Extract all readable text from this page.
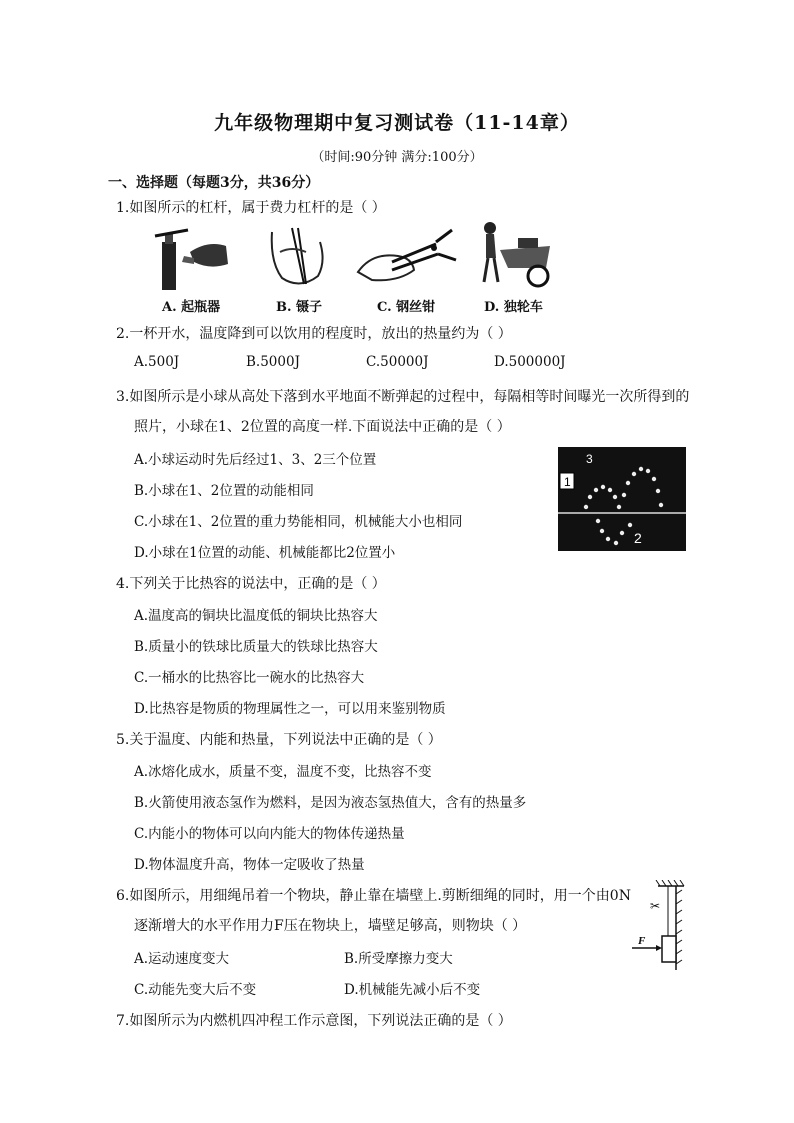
九年级物理期中复习测试卷（11-14章）
（时间:90分钟 满分:100分）
一、选择题（每题3分，共36分）
1.如图所示的杠杆，属于费力杠杆的是（ ）
A. 起瓶器	B. 镊子	C. 钢丝钳	D. 独轮车
2.一杯开水，温度降到可以饮用的程度时，放出的热量约为（ ）
A.500J	B.5000J	C.50000J	D.500000J
3.如图所示是小球从高处下落到水平地面不断弹起的过程中，每隔相等时间曝光一次所得到的
照片，小球在1、2位置的高度一样.下面说法中正确的是（ ）
A.小球运动时先后经过1、3、2三个位置
B.小球在1、2位置的动能相同
C.小球在1、2位置的重力势能相同，机械能大小也相同
D.小球在1位置的动能、机械能都比2位置小
1
2
3
4.下列关于比热容的说法中，正确的是（ ）
A.温度高的铜块比温度低的铜块比热容大
B.质量小的铁球比质量大的铁球比热容大
C.一桶水的比热容比一碗水的比热容大
D.比热容是物质的物理属性之一，可以用来鉴别物质
5.关于温度、内能和热量，下列说法中正确的是（ ）
A.冰熔化成水，质量不变，温度不变，比热容不变
B.火箭使用液态氢作为燃料，是因为液态氢热值大，含有的热量多
C.内能小的物体可以向内能大的物体传递热量
D.物体温度升高，物体一定吸收了热量
6.如图所示，用细绳吊着一个物块，静止靠在墙壁上.剪断细绳的同时，用一个由0N
逐渐增大的水平作用力F压在物块上，墙壁足够高，则物块（ ）
A.运动速度变大	B.所受摩擦力变大
C.动能先变大后不变	D.机械能先减小后不变
✂
F
7.如图所示为内燃机四冲程工作示意图，下列说法正确的是（ ）
